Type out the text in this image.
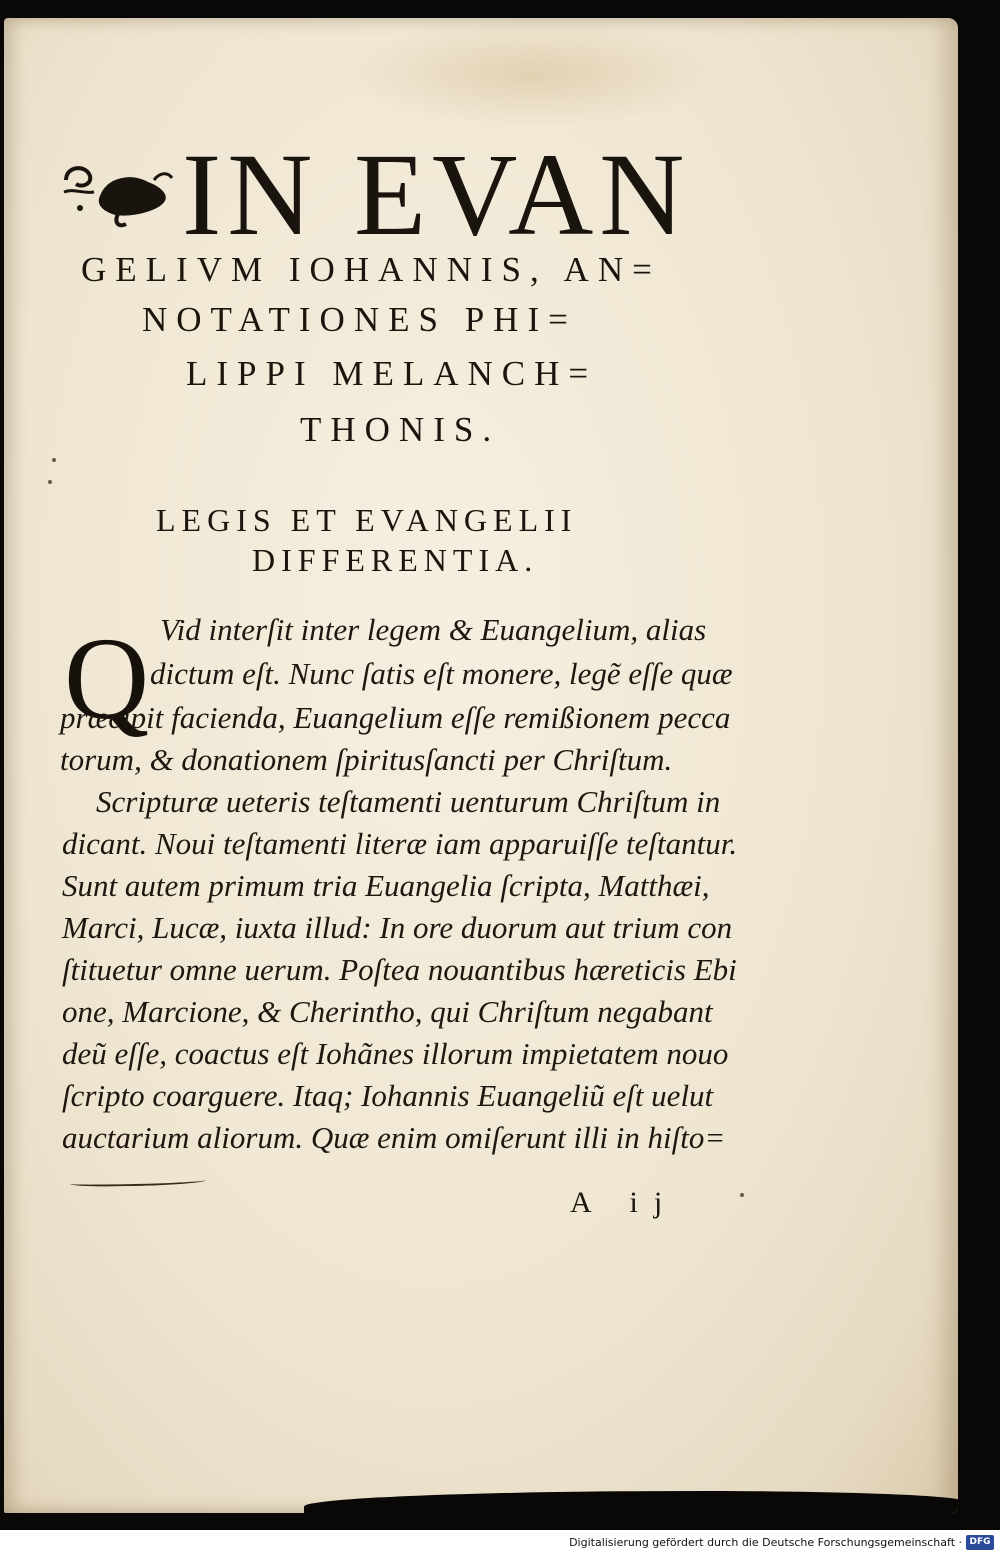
IN EVAN
GELIVM IOHANNIS, AN=
NOTATIONES PHI=
LIPPI MELANCH=
THONIS.
LEGIS ET EVANGELII
DIFFERENTIA.
Q Vid interſit inter legem & Euangelium, alias
dictum eſt. Nunc ſatis eſt monere, legẽ eſſe quæ
præcipit facienda, Euangelium eſſe remißionem pecca
torum, & donationem ſpiritusſancti per Chriſtum.
Scripturæ ueteris teſtamenti uenturum Chriſtum in
dicant. Noui teſtamenti literæ iam apparuiſſe teſtantur.
Sunt autem primum tria Euangelia ſcripta, Matthæi,
Marci, Lucæ, iuxta illud: In ore duorum aut trium con
ſtituetur omne uerum. Poſtea nouantibus hæreticis Ebi
one, Marcione, & Cherintho, qui Chriſtum negabant
deũ eſſe, coactus eſt Iohãnes illorum impietatem nouo
ſcripto coarguere. Itaq; Iohannis Euangeliũ eſt uelut
auctarium aliorum. Quæ enim omiſerunt illi in hiſto=
A ij
Digitalisierung gefördert durch die Deutsche Forschungsgemeinschaft · DFG
